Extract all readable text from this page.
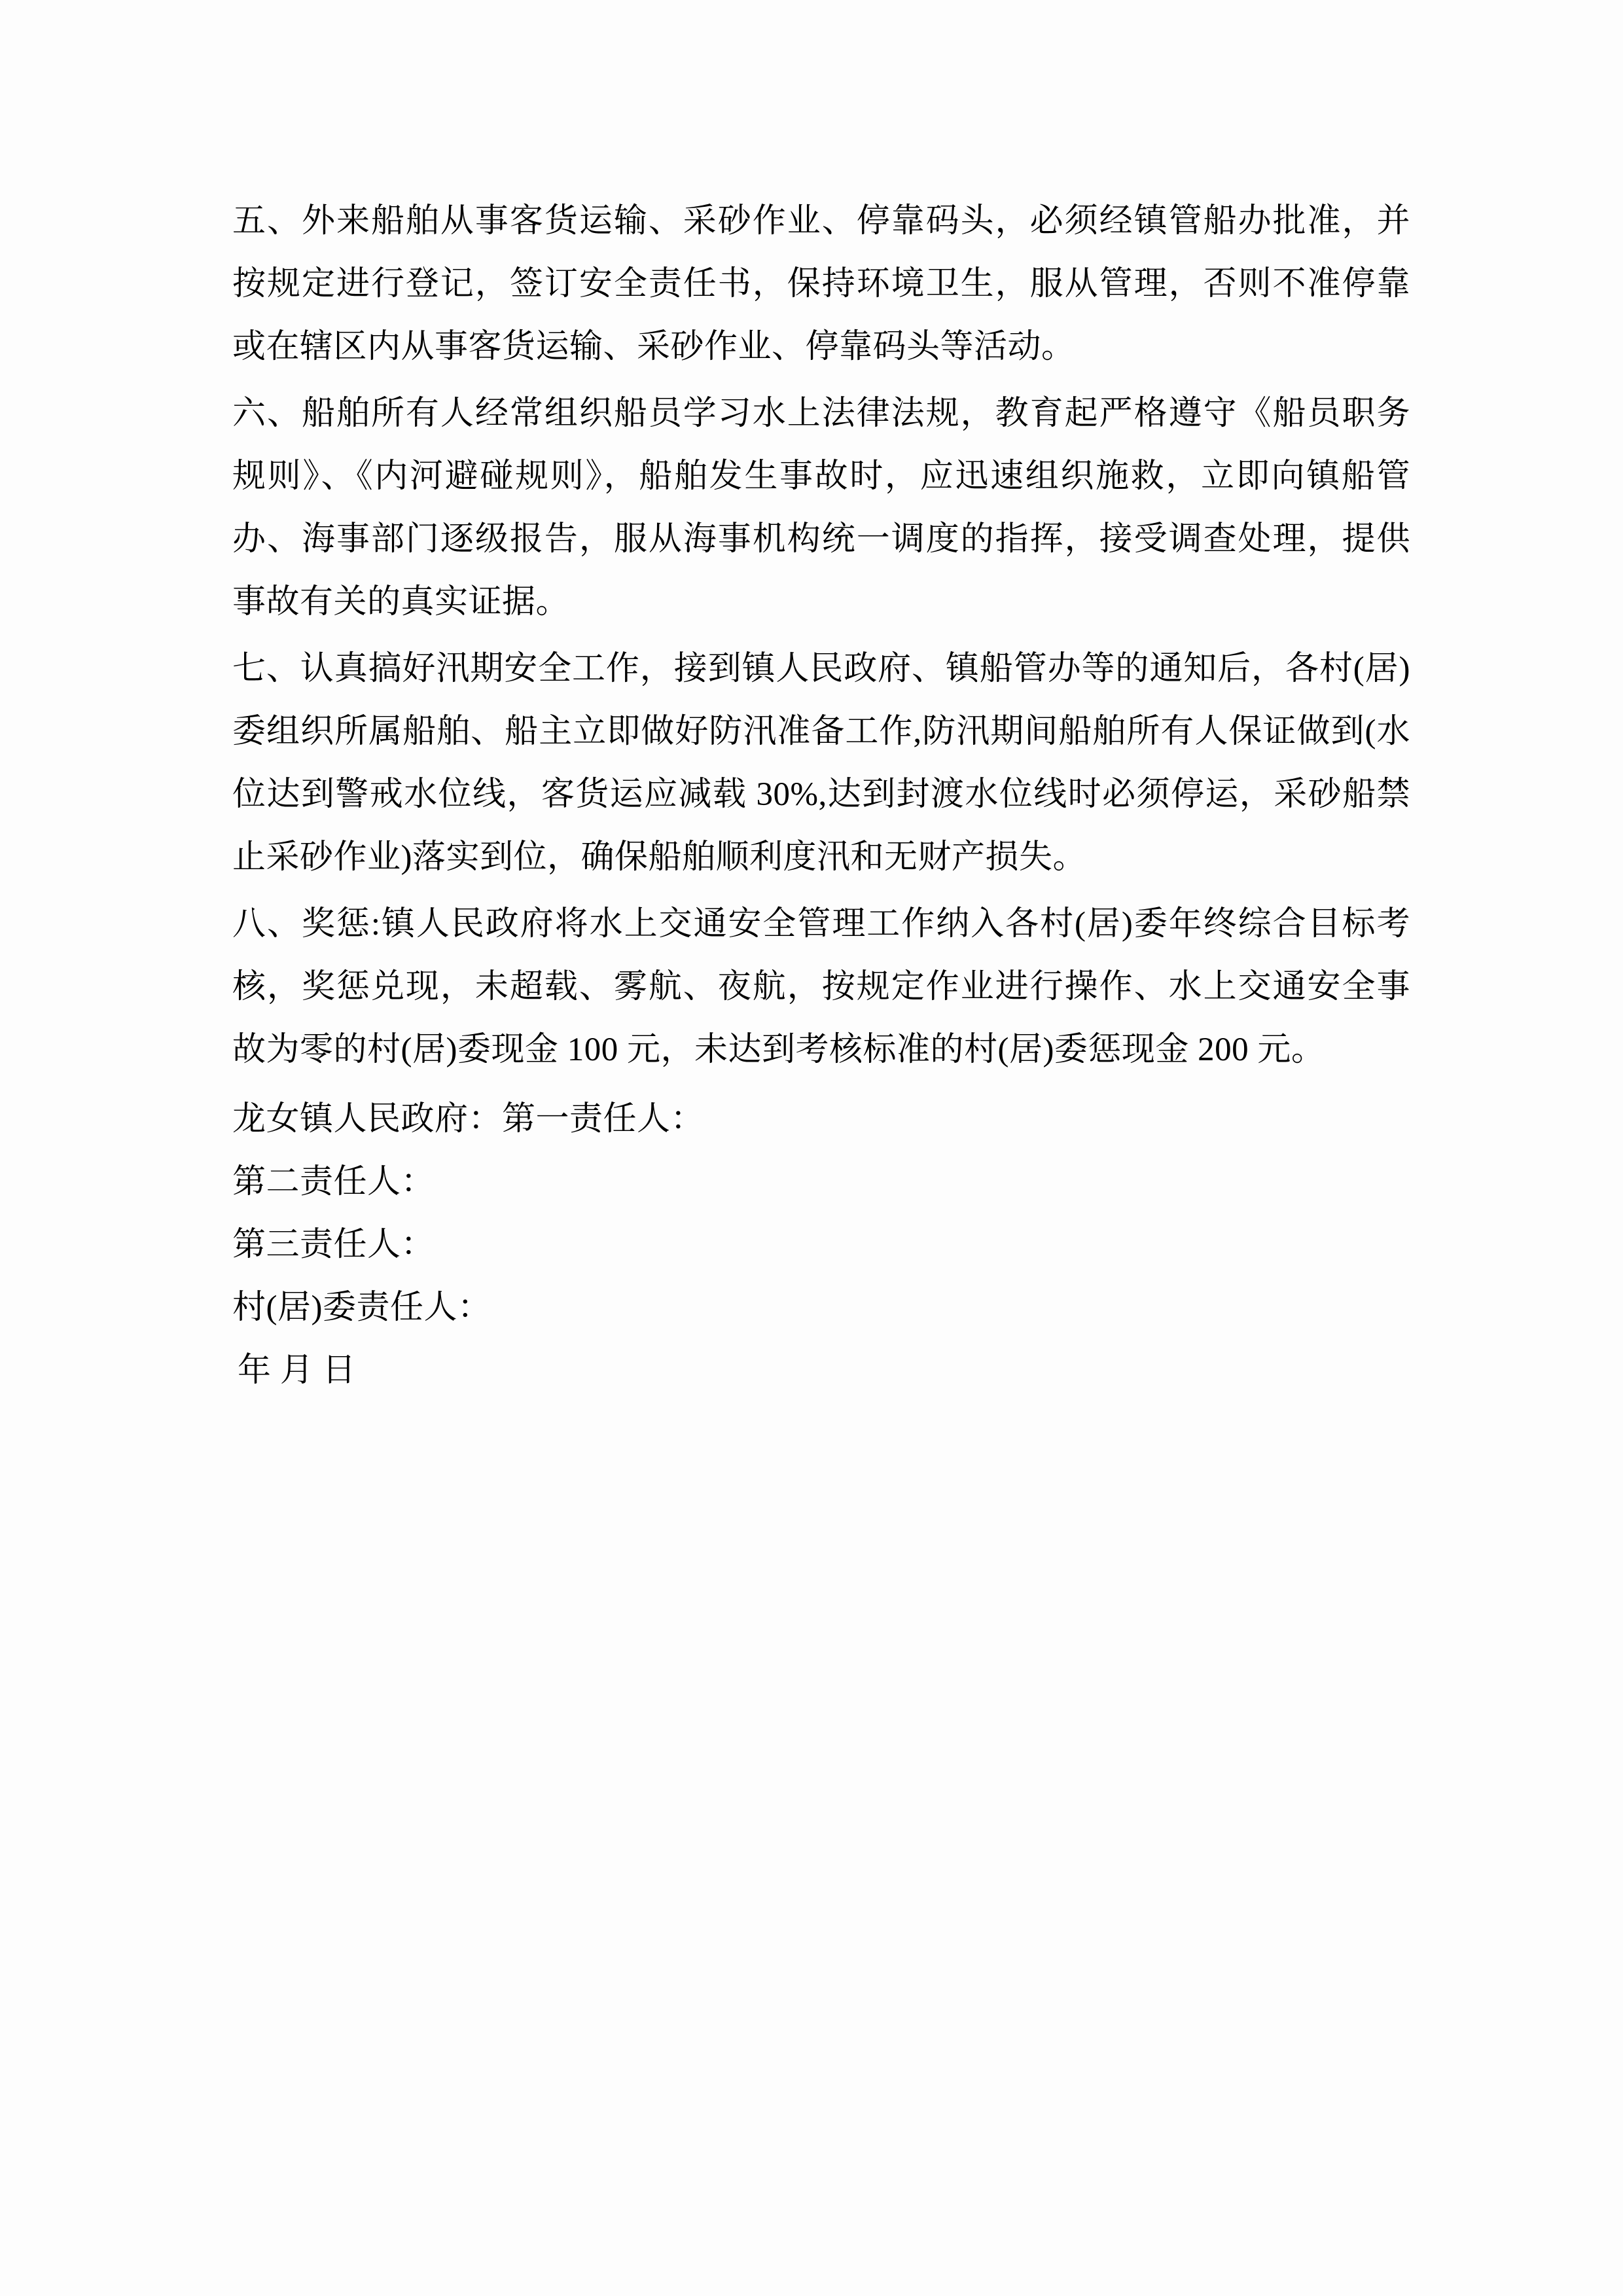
五、外来船舶从事客货运输、采砂作业、停靠码头，必须经镇管船办批准，并按规定进行登记，签订安全责任书，保持环境卫生，服从管理，否则不准停靠或在辖区内从事客货运输、采砂作业、停靠码头等活动。

六、船舶所有人经常组织船员学习水上法律法规，教育起严格遵守《船员职务规则》、《内河避碰规则》，船舶发生事故时，应迅速组织施救，立即向镇船管办、海事部门逐级报告，服从海事机构统一调度的指挥，接受调查处理，提供事故有关的真实证据。

七、认真搞好汛期安全工作，接到镇人民政府、镇船管办等的通知后，各村(居)委组织所属船舶、船主立即做好防汛准备工作,防汛期间船舶所有人保证做到(水位达到警戒水位线，客货运应减载 30%,达到封渡水位线时必须停运，采砂船禁止采砂作业)落实到位，确保船舶顺利度汛和无财产损失。

八、奖惩:镇人民政府将水上交通安全管理工作纳入各村(居)委年终综合目标考核，奖惩兑现，未超载、雾航、夜航，按规定作业进行操作、水上交通安全事故为零的村(居)委现金 100 元，未达到考核标准的村(居)委惩现金 200 元。

龙女镇人民政府：第一责任人：

第二责任人：

第三责任人：

村(居)委责任人：

年 月 日
